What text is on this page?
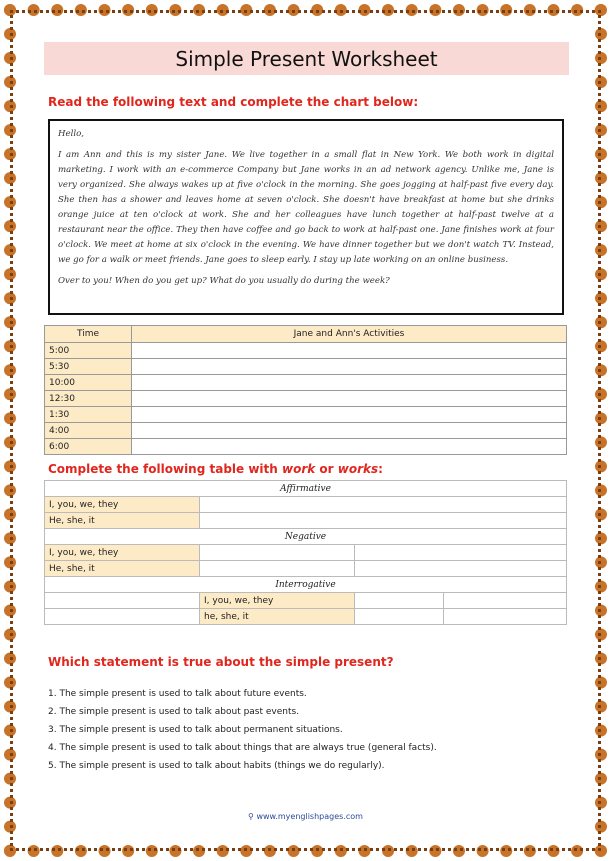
Simple Present Worksheet
Read the following text and complete the chart below:

Hello,

I am Ann and this is my sister Jane. We live together in a small flat in New York. We both work in digital marketing. I work with an e-commerce Company but Jane works in an ad network agency. Unlike me, Jane is very organized. She always wakes up at five o'clock in the morning. She goes jogging at half-past five every day. She then has a shower and leaves home at seven o'clock. She doesn't have breakfast at home but she drinks orange juice at ten o'clock at work. She and her colleagues have lunch together at half-past twelve at a restaurant near the office. They then have coffee and go back to work at half-past one. Jane finishes work at four o'clock. We meet at home at six o'clock in the evening. We have dinner together but we don't watch TV. Instead, we go for a walk or meet friends. Jane goes to sleep early. I stay up late working on an online business.

Over to you! When do you get up? What do you usually do during the week?

Time	Jane and Ann's Activities
5:00	
5:30	
10:00	
12:30	
1:30	
4:00	
6:00	
Complete the following table with work or works:
Affirmative			
I, you, we, they			
He, she, it			
Negative			
I, you, we, they			
He, she, it			
Interrogative			
	I, you, we, they		
	he, she, it		
Which statement is true about the simple present?
1. The simple present is used to talk about future events.
2. The simple present is used to talk about past events.
3. The simple present is used to talk about permanent situations.
4. The simple present is used to talk about things that are always true (general facts).
5. The simple present is used to talk about habits (things we do regularly).
⚲ www.myenglishpages.com
